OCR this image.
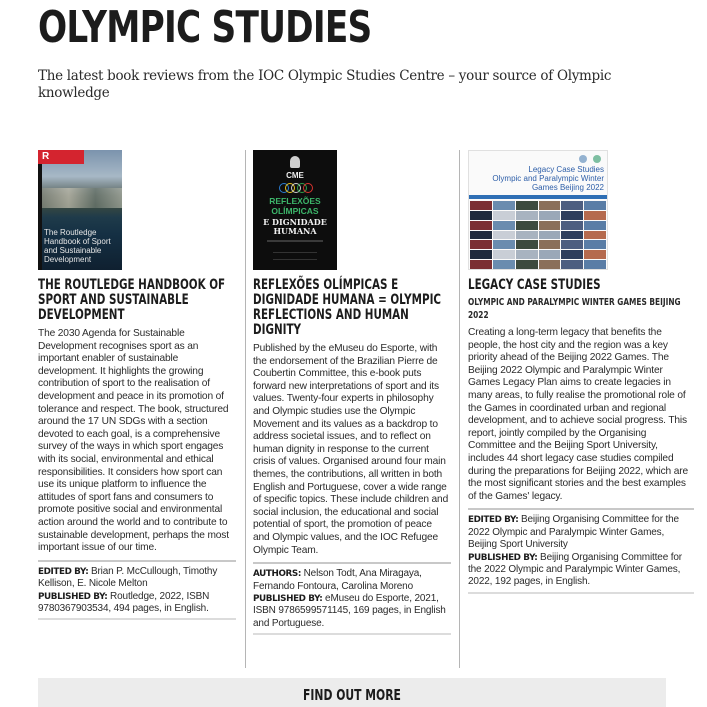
OLYMPIC STUDIES
The latest book reviews from the IOC Olympic Studies Centre – your source of Olympic knowledge
R
The Routledge Handbook of Sport and Sustainable Development
THE ROUTLEDGE HANDBOOK OF SPORT AND SUSTAINABLE DEVELOPMENT

The 2030 Agenda for Sustainable Development recognises sport as an important enabler of sustainable development. It highlights the growing contribution of sport to the realisation of development and peace in its promotion of tolerance and respect. The book, structured around the 17 UN SDGs with a section devoted to each goal, is a comprehensive survey of the ways in which sport engages with its social, environmental and ethical responsibilities. It considers how sport can use its unique platform to influence the attitudes of sport fans and consumers to promote positive social and environmental action around the world and to contribute to sustainable development, perhaps the most important issue of our time.

EDITED BY: Brian P. McCullough, Timothy Kellison, E. Nicole Melton
PUBLISHED BY: Routledge, 2022, ISBN 9780367903534, 494 pages, in English.
CME
REFLEXÕES OLÍMPICAS
E DIGNIDADE HUMANA
REFLEXÕES OLÍMPICAS E DIGNIDADE HUMANA = OLYMPIC REFLECTIONS AND HUMAN DIGNITY

Published by the eMuseu do Esporte, with the endorsement of the Brazilian Pierre de Coubertin Committee, this e-book puts forward new interpretations of sport and its values. Twenty-four experts in philosophy and Olympic studies use the Olympic Movement and its values as a backdrop to address societal issues, and to reflect on human dignity in response to the current crisis of values. Organised around four main themes, the contributions, all written in both English and Portuguese, cover a wide range of specific topics. These include children and social inclusion, the educational and social potential of sport, the promotion of peace and Olympic values, and the IOC Refugee Olympic Team.

AUTHORS: Nelson Todt, Ana Miragaya, Fernando Fontoura, Carolina Moreno
PUBLISHED BY: eMuseu do Esporte, 2021, ISBN 9786599571145, 169 pages, in English and Portuguese.
Legacy Case Studies
Olympic and Paralympic Winter Games Beijing 2022
LEGACY CASE STUDIES
OLYMPIC AND PARALYMPIC WINTER GAMES BEIJING 2022

Creating a long-term legacy that benefits the people, the host city and the region was a key priority ahead of the Beijing 2022 Games. The Beijing 2022 Olympic and Paralympic Winter Games Legacy Plan aims to create legacies in many areas, to fully realise the promotional role of the Games in coordinated urban and regional development, and to achieve social progress. This report, jointly compiled by the Organising Committee and the Beijing Sport University, includes 44 short legacy case studies compiled during the preparations for Beijing 2022, which are the most significant stories and the best examples of the Games' legacy.

EDITED BY: Beijing Organising Committee for the 2022 Olympic and Paralympic Winter Games, Beijing Sport University
PUBLISHED BY: Beijing Organising Committee for the 2022 Olympic and Paralympic Winter Games, 2022, 192 pages, in English.
FIND OUT MORE
